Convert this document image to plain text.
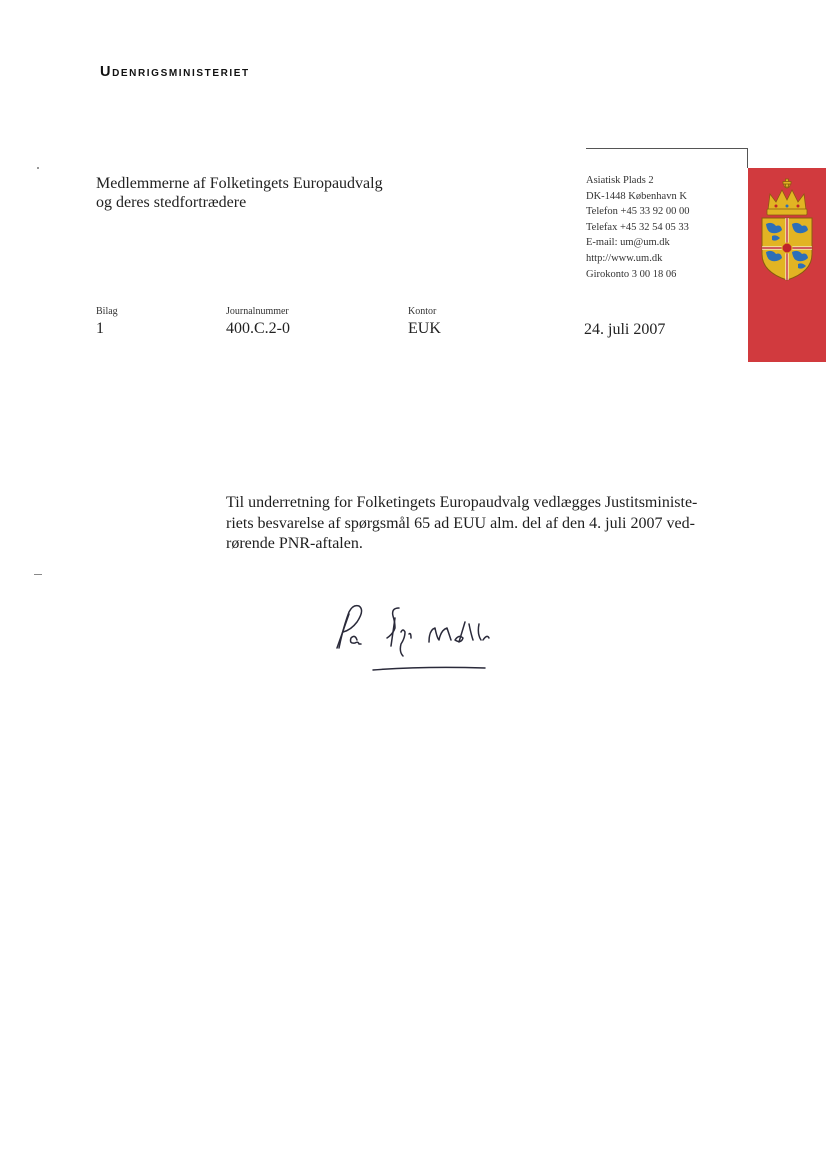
Udenrigsministeriet
Medlemmerne af Folketingets Europaudvalg
og deres stedfortrædere
Asiatisk Plads 2
DK-1448 København K
Telefon +45 33 92 00 00
Telefax +45 32 54 05 33
E-mail: um@um.dk
http://www.um.dk
Girokonto 3 00 18 06
Bilag
1
Journalnummer
400.C.2-0
Kontor
EUK	24. juli 2007
Til underretning for Folketingets Europaudvalg vedlægges Justitsministe-
riets besvarelse af spørgsmål 65 ad EUU alm. del af den 4. juli 2007 ved-
rørende PNR-aftalen.
